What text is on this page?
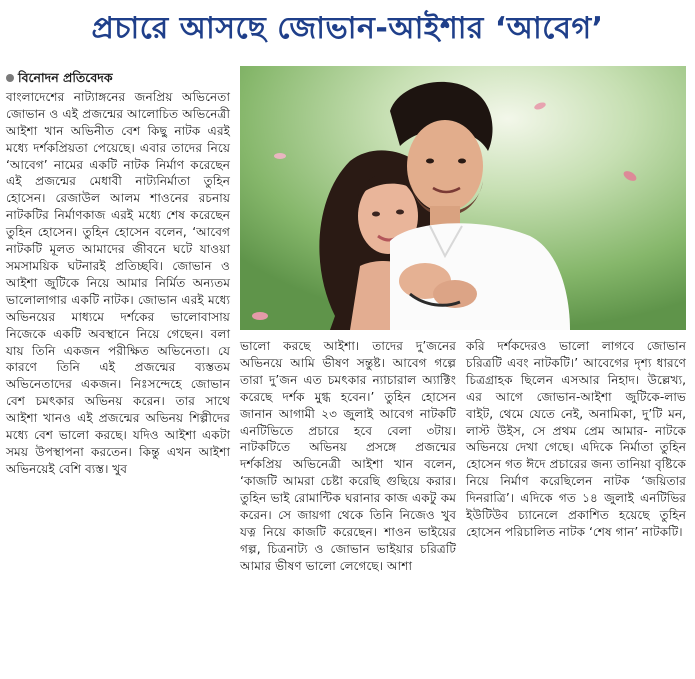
প্রচারে আসছে জোভান-আইশার ‘আবেগ’
বিনোদন প্রতিবেদক

বাংলাদেশের নাট্যাঙ্গনের জনপ্রিয় অভিনেতা জোভান ও এই প্রজন্মের আলোচিত অভিনেত্রী আইশা খান অভিনীত বেশ কিছু নাটক এরই মধ্যে দর্শকপ্রিয়তা পেয়েছে। এবার তাদের নিয়ে ‘আবেগ’ নামের একটি নাটক নির্মাণ করেছেন এই প্রজন্মের মেধাবী নাট্যনির্মাতা তুহিন হোসেন। রেজাউল আলম শাওনের রচনায় নাটকটির নির্মাণকাজ এরই মধ্যে শেষ করেছেন তুহিন হোসেন। তুহিন হোসেন বলেন, ‘আবেগ নাটকটি মূলত আমাদের জীবনে ঘটে যাওয়া সমসাময়িক ঘটনারই প্রতিচ্ছবি। জোভান ও আইশা জুটিকে নিয়ে আমার নির্মিত অন্যতম ভালোলাগার একটি নাটক। জোভান এরই মধ্যে অভিনয়ের মাধ্যমে দর্শকের ভালোবাসায় নিজেকে একটি অবস্থানে নিয়ে গেছেন। বলা যায় তিনি একজন পরীক্ষিত অভিনেতা। যে কারণে তিনি এই প্রজন্মের ব্যস্ততম অভিনেতাদের একজন। নিঃসন্দেহে জোভান বেশ চমৎকার অভিনয় করেন। তার সাথে আইশা খানও এই প্রজন্মের অভিনয় শিল্পীদের মধ্যে বেশ ভালো করছে। যদিও আইশা একটা সময় উপস্থাপনা করতেন। কিন্তু এখন আইশা অভিনয়েই বেশি ব্যস্ত। খুব

ভালো করছে আইশা। তাদের দু’জনের অভিনয়ে আমি ভীষণ সন্তুষ্ট। আবেগ গল্পে তারা দু’জন এত চমৎকার ন্যাচারাল অ্যাক্টিং করেছে দর্শক মুগ্ধ হবেন।’ তুহিন হোসেন জানান আগামী ২৩ জুলাই আবেগ নাটকটি এনটিভিতে প্রচারে হবে বেলা ৩টায়। নাটকটিতে অভিনয় প্রসঙ্গে প্রজন্মের দর্শকপ্রিয় অভিনেত্রী আইশা খান বলেন, ‘কাজটি আমরা চেষ্টা করেছি গুছিয়ে করার। তুহিন ভাই রোমান্টিক ঘরানার কাজ একটু কম করেন। সে জায়গা থেকে তিনি নিজেও খুব যত্ন নিয়ে কাজটি করেছেন। শাওন ভাইয়ের গল্প, চিত্রনাট্য ও জোভান ভাইয়ার চরিত্রটি আমার ভীষণ ভালো লেগেছে। আশা

করি দর্শকদেরও ভালো লাগবে জোভান চরিত্রটি এবং নাটকটি।’ আবেগের দৃশ্য ধারণে চিত্রগ্রাহক ছিলেন এসআর নিহাদ। উল্লেখ্য, এর আগে জোভান-আইশা জুটিকে-লাভ বাইট, থেমে যেতে নেই, অনামিকা, দু’টি মন, লাস্ট উইস, সে প্রথম প্রেম আমার- নাটকে অভিনয়ে দেখা গেছে। এদিকে নির্মাতা তুহিন হোসেন গত ঈদে প্রচারের জন্য তানিয়া বৃষ্টিকে নিয়ে নির্মাণ করেছিলেন নাটক ‘জয়িতার দিনরাত্রি’। এদিকে গত ১৪ জুলাই এনটিভির ইউটিউব চ্যানেলে প্রকাশিত হয়েছে তুহিন হোসেন পরিচালিত নাটক ‘শেষ গান’ নাটকটি।
